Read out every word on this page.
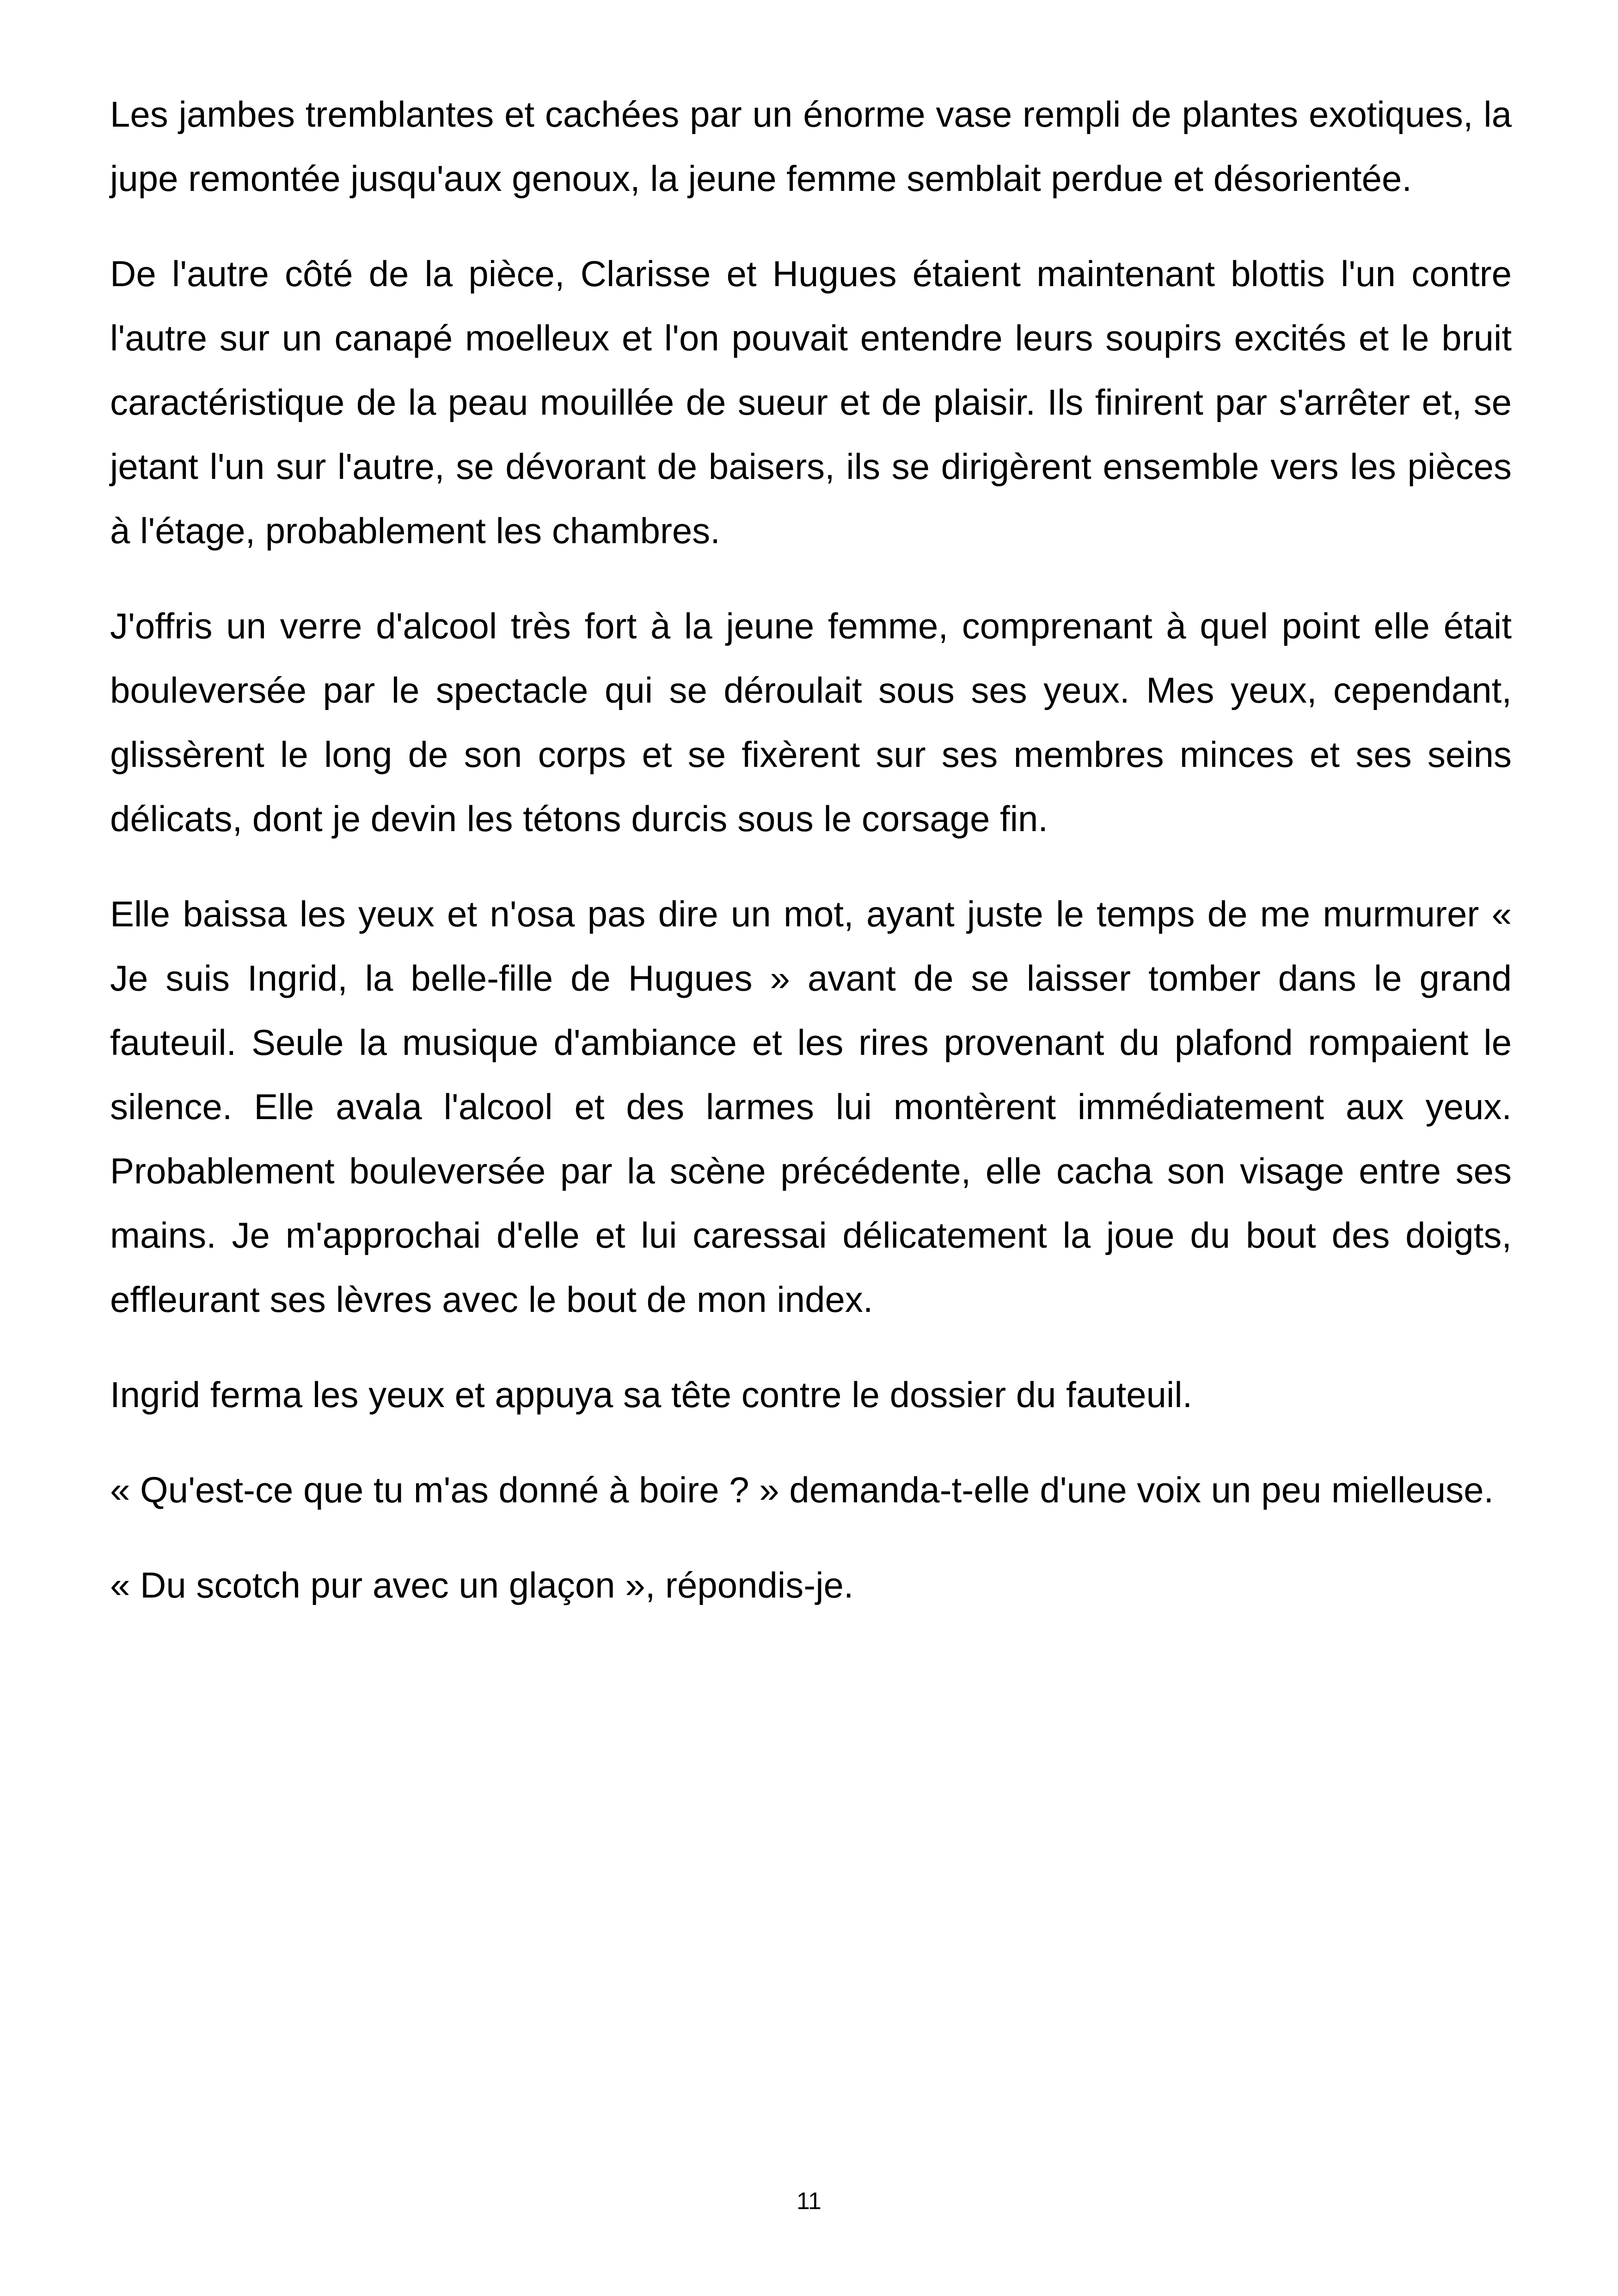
Les jambes tremblantes et cachées par un énorme vase rempli de plantes exotiques, la jupe remontée jusqu'aux genoux, la jeune femme semblait perdue et désorientée.

De l'autre côté de la pièce, Clarisse et Hugues étaient maintenant blottis l'un contre l'autre sur un canapé moelleux et l'on pouvait entendre leurs soupirs excités et le bruit caractéristique de la peau mouillée de sueur et de plaisir. Ils finirent par s'arrêter et, se jetant l'un sur l'autre, se dévorant de baisers, ils se dirigèrent ensemble vers les pièces à l'étage, probablement les chambres.

J'offris un verre d'alcool très fort à la jeune femme, comprenant à quel point elle était bouleversée par le spectacle qui se déroulait sous ses yeux. Mes yeux, cependant, glissèrent le long de son corps et se fixèrent sur ses membres minces et ses seins délicats, dont je devin les tétons durcis sous le corsage fin.

Elle baissa les yeux et n'osa pas dire un mot, ayant juste le temps de me murmurer « Je suis Ingrid, la belle-fille de Hugues » avant de se laisser tomber dans le grand fauteuil. Seule la musique d'ambiance et les rires provenant du plafond rompaient le silence. Elle avala l'alcool et des larmes lui montèrent immédiatement aux yeux. Probablement bouleversée par la scène précédente, elle cacha son visage entre ses mains. Je m'approchai d'elle et lui caressai délicatement la joue du bout des doigts, effleurant ses lèvres avec le bout de mon index.

Ingrid ferma les yeux et appuya sa tête contre le dossier du fauteuil.

« Qu'est-ce que tu m'as donné à boire ? » demanda-t-elle d'une voix un peu mielleuse.

« Du scotch pur avec un glaçon », répondis-je.

11
